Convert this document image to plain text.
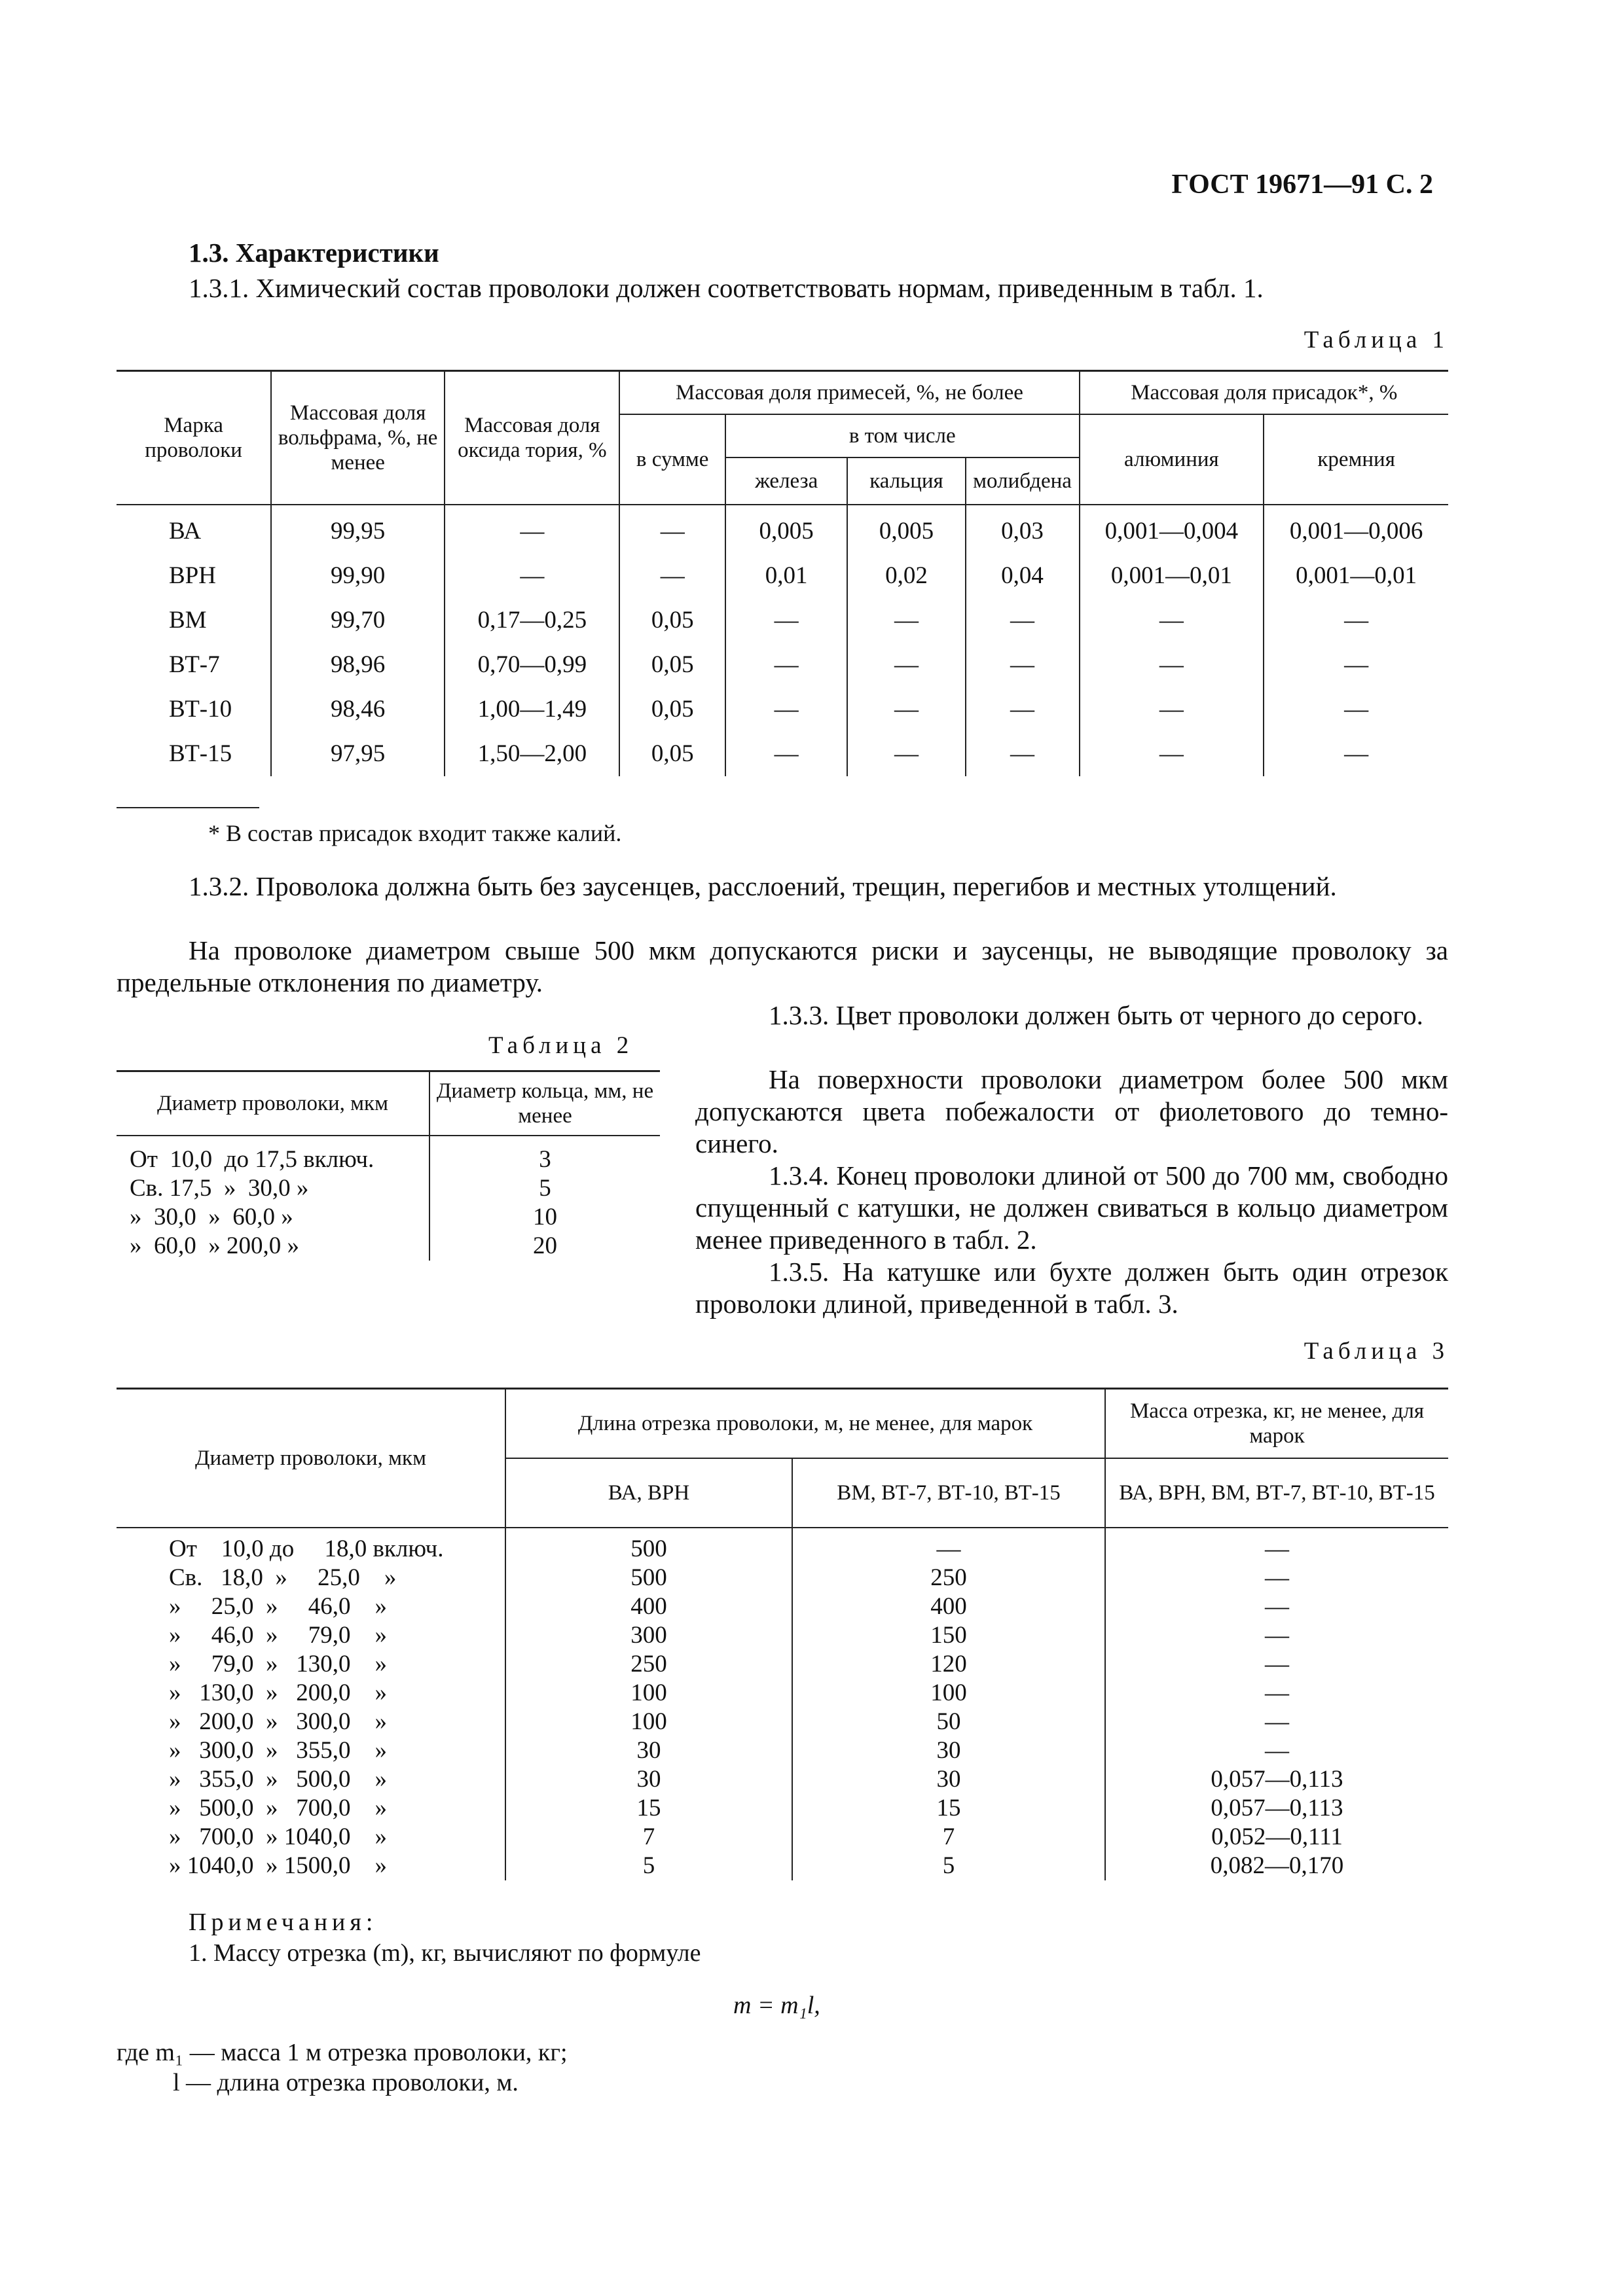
ГОСТ 19671—91 С. 2
1.3. Характеристики
1.3.1. Химический состав проволоки должен соответствовать нормам, приведенным в табл. 1.
Таблица 1
Марка проволоки	Массовая доля вольфрама, %, не менее	Массовая доля оксида тория, %	Массовая доля примесей, %, не более				Массовая доля присадок*, %	
			в сумме	в том числе			алюминия	кремния
				железа	кальция	молибдена		
ВА	99,95	—	—	0,005	0,005	0,03	0,001—0,004	0,001—0,006
ВРН	99,90	—	—	0,01	0,02	0,04	0,001—0,01	0,001—0,01
ВМ	99,70	0,17—0,25	0,05	—	—	—	—	—
ВТ-7	98,96	0,70—0,99	0,05	—	—	—	—	—
ВТ-10	98,46	1,00—1,49	0,05	—	—	—	—	—
ВТ-15	97,95	1,50—2,00	0,05	—	—	—	—	—
* В состав присадок входит также калий.
1.3.2. Проволока должна быть без заусенцев, расслоений, трещин, перегибов и местных утолщений.
На проволоке диаметром свыше 500 мкм допускаются риски и заусенцы, не выводящие проволоку за предельные отклонения по диаметру.
Таблица 2
Диаметр проволоки, мкм	Диаметр кольца, мм, не менее
От  10,0  до 17,5 включ.	3
Св. 17,5  »  30,0 »	5
»  30,0  »  60,0 »	10
»  60,0  » 200,0 »	20
1.3.3. Цвет проволоки должен быть от черного до серого.
На поверхности проволоки диаметром более 500 мкм допускаются цвета побежалости от фиолетового до темно-синего.
1.3.4. Конец проволоки длиной от 500 до 700 мм, свободно спущенный с катушки, не должен свиваться в кольцо диаметром менее приведенного в табл. 2.
1.3.5. На катушке или бухте должен быть один отрезок проволоки длиной, приведенной в табл. 3.
Таблица 3
Диаметр проволоки, мкм	Длина отрезка проволоки, м, не менее, для марок		Масса отрезка, кг, не менее, для марок
	ВА, ВРН	ВМ, ВТ-7, ВТ-10, ВТ-15	ВА, ВРН, ВМ, ВТ-7, ВТ-10, ВТ-15
От    10,0 до     18,0 включ.	500	—	—
Св.   18,0  »     25,0    »	500	250	—
»     25,0  »     46,0    »	400	400	—
»     46,0  »     79,0    »	300	150	—
»     79,0  »   130,0    »	250	120	—
»   130,0  »   200,0    »	100	100	—
»   200,0  »   300,0    »	100	50	—
»   300,0  »   355,0    »	30	30	—
»   355,0  »   500,0    »	30	30	0,057—0,113
»   500,0  »   700,0    »	15	15	0,057—0,113
»   700,0  » 1040,0    »	7	7	0,052—0,111
» 1040,0  » 1500,0    »	5	5	0,082—0,170
Примечания:
1. Массу отрезка (m), кг, вычисляют по формуле
m = m₁l,
где m₁ — масса 1 м отрезка проволоки, кг;
l — длина отрезка проволоки, м.
